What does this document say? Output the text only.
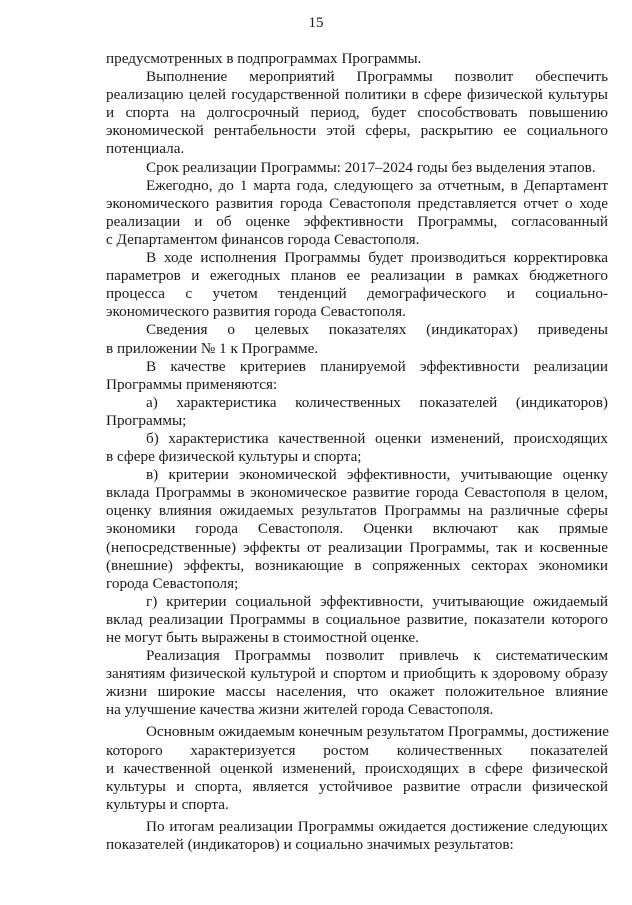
15
предусмотренных в подпрограммах Программы.
Выполнение мероприятий Программы позволит обеспечить
реализацию целей государственной политики в сфере физической культуры
и спорта на долгосрочный период, будет способствовать повышению
экономической рентабельности этой сферы, раскрытию ее социального
потенциала.
Срок реализации Программы: 2017–2024 годы без выделения этапов.
Ежегодно, до 1 марта года, следующего за отчетным, в Департамент
экономического развития города Севастополя представляется отчет о ходе
реализации и об оценке эффективности Программы, согласованный
с Департаментом финансов города Севастополя.
В ходе исполнения Программы будет производиться корректировка
параметров и ежегодных планов ее реализации в рамках бюджетного
процесса с учетом тенденций демографического и социально-
экономического развития города Севастополя.
Сведения о целевых показателях (индикаторах) приведены
в приложении № 1 к Программе.
В качестве критериев планируемой эффективности реализации
Программы применяются:
а) характеристика количественных показателей (индикаторов)
Программы;
б) характеристика качественной оценки изменений, происходящих
в сфере физической культуры и спорта;
в) критерии экономической эффективности, учитывающие оценку
вклада Программы в экономическое развитие города Севастополя в целом,
оценку влияния ожидаемых результатов Программы на различные сферы
экономики города Севастополя. Оценки включают как прямые
(непосредственные) эффекты от реализации Программы, так и косвенные
(внешние) эффекты, возникающие в сопряженных секторах экономики
города Севастополя;
г) критерии социальной эффективности, учитывающие ожидаемый
вклад реализации Программы в социальное развитие, показатели которого
не могут быть выражены в стоимостной оценке.
Реализация Программы позволит привлечь к систематическим
занятиям физической культурой и спортом и приобщить к здоровому образу
жизни широкие массы населения, что окажет положительное влияние
на улучшение качества жизни жителей города Севастополя.
Основным ожидаемым конечным результатом Программы, достижение
которого характеризуется ростом количественных показателей
и качественной оценкой изменений, происходящих в сфере физической
культуры и спорта, является устойчивое развитие отрасли физической
культуры и спорта.
По итогам реализации Программы ожидается достижение следующих
показателей (индикаторов) и социально значимых результатов:
